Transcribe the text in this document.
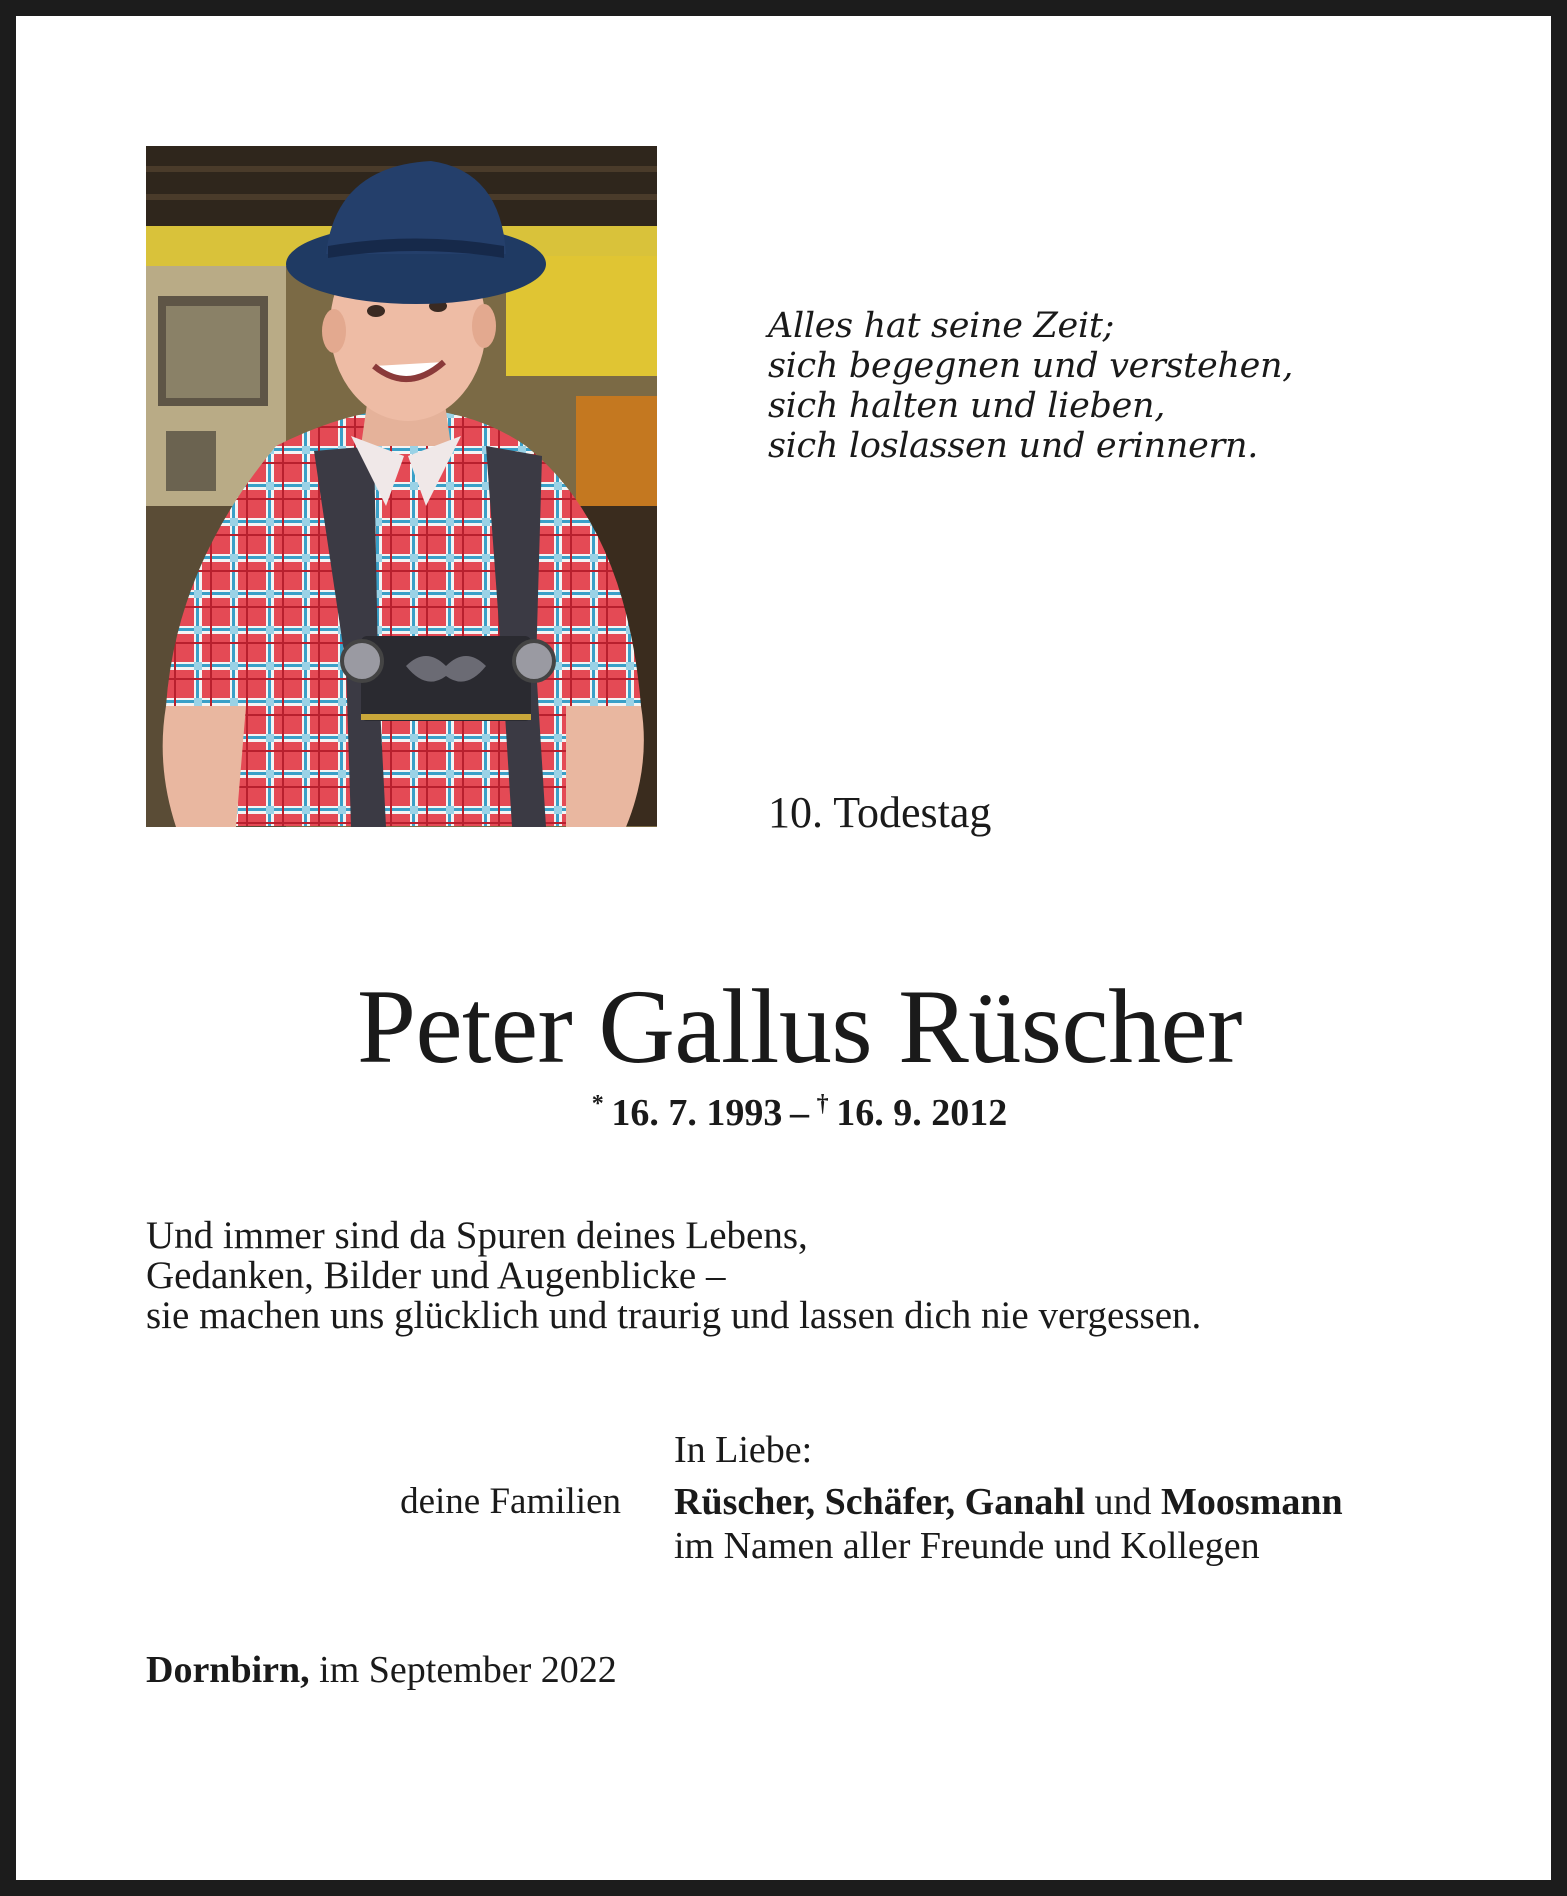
Alles hat seine Zeit;
sich begegnen und verstehen,
sich halten und lieben,
sich loslassen und erinnern.
10. Todestag
Peter Gallus Rüscher
*  16. 7. 1993  –  †  16. 9. 2012
Und immer sind da Spuren deines Lebens,
Gedanken, Bilder und Augenblicke –
sie machen uns glücklich und traurig und lassen dich nie vergessen.
In Liebe:
deine Familien Rüscher, Schäfer, Ganahl und Moosmann
im Namen aller Freunde und Kollegen
Dornbirn, im September 2022
